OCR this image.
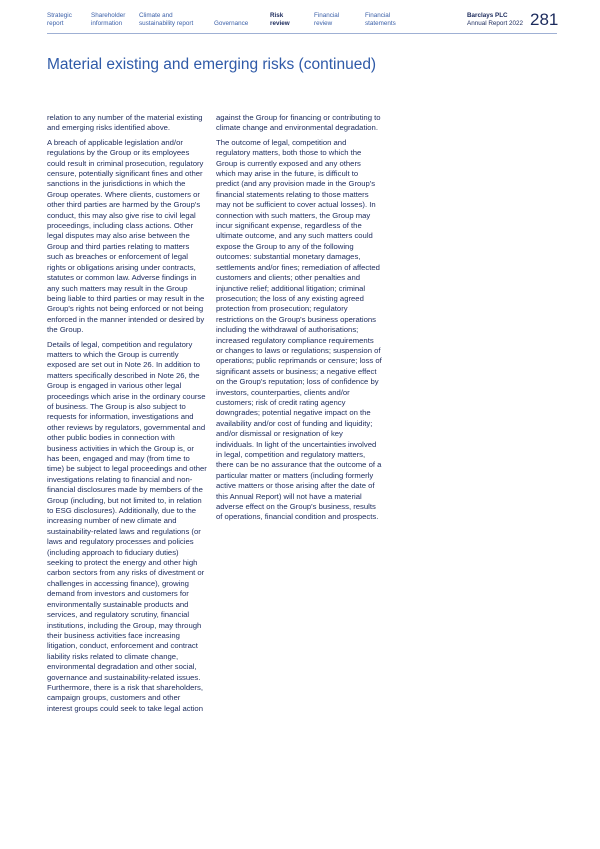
Strategic
report
Shareholder
information
Climate and
sustainability report
	Governance
Risk
review
Financial
review
Financial
statements
Barclays PLC
Annual Report 2022 281
Material existing and emerging risks (continued)

relation to any number of the material existing and emerging risks identified above.

A breach of applicable legislation and/or regulations by the Group or its employees could result in criminal prosecution, regulatory censure, potentially significant fines and other sanctions in the jurisdictions in which the Group operates. Where clients, customers or other third parties are harmed by the Group's conduct, this may also give rise to civil legal proceedings, including class actions. Other legal disputes may also arise between the Group and third parties relating to matters such as breaches or enforcement of legal rights or obligations arising under contracts, statutes or common law. Adverse findings in any such matters may result in the Group being liable to third parties or may result in the Group's rights not being enforced or not being enforced in the manner intended or desired by the Group.

Details of legal, competition and regulatory matters to which the Group is currently exposed are set out in Note 26. In addition to matters specifically described in Note 26, the Group is engaged in various other legal proceedings which arise in the ordinary course of business. The Group is also subject to requests for information, investigations and other reviews by regulators, governmental and other public bodies in connection with business activities in which the Group is, or has been, engaged and may (from time to time) be subject to legal proceedings and other investigations relating to financial and non-financial disclosures made by members of the Group (including, but not limited to, in relation to ESG disclosures). Additionally, due to the increasing number of new climate and sustainability-related laws and regulations (or laws and regulatory processes and policies (including approach to fiduciary duties) seeking to protect the energy and other high carbon sectors from any risks of divestment or challenges in accessing finance), growing demand from investors and customers for environmentally sustainable products and services, and regulatory scrutiny, financial institutions, including the Group, may through their business activities face increasing litigation, conduct, enforcement and contract liability risks related to climate change, environmental degradation and other social, governance and sustainability-related issues. Furthermore, there is a risk that shareholders, campaign groups, customers and other interest groups could seek to take legal action

against the Group for financing or contributing to climate change and environmental degradation.

The outcome of legal, competition and regulatory matters, both those to which the Group is currently exposed and any others which may arise in the future, is difficult to predict (and any provision made in the Group's financial statements relating to those matters may not be sufficient to cover actual losses). In connection with such matters, the Group may incur significant expense, regardless of the ultimate outcome, and any such matters could expose the Group to any of the following outcomes: substantial monetary damages, settlements and/or fines; remediation of affected customers and clients; other penalties and injunctive relief; additional litigation; criminal prosecution; the loss of any existing agreed protection from prosecution; regulatory restrictions on the Group's business operations including the withdrawal of authorisations; increased regulatory compliance requirements or changes to laws or regulations; suspension of operations; public reprimands or censure; loss of significant assets or business; a negative effect on the Group's reputation; loss of confidence by investors, counterparties, clients and/or customers; risk of credit rating agency downgrades; potential negative impact on the availability and/or cost of funding and liquidity; and/or dismissal or resignation of key individuals. In light of the uncertainties involved in legal, competition and regulatory matters, there can be no assurance that the outcome of a particular matter or matters (including formerly active matters or those arising after the date of this Annual Report) will not have a material adverse effect on the Group's business, results of operations, financial condition and prospects.
